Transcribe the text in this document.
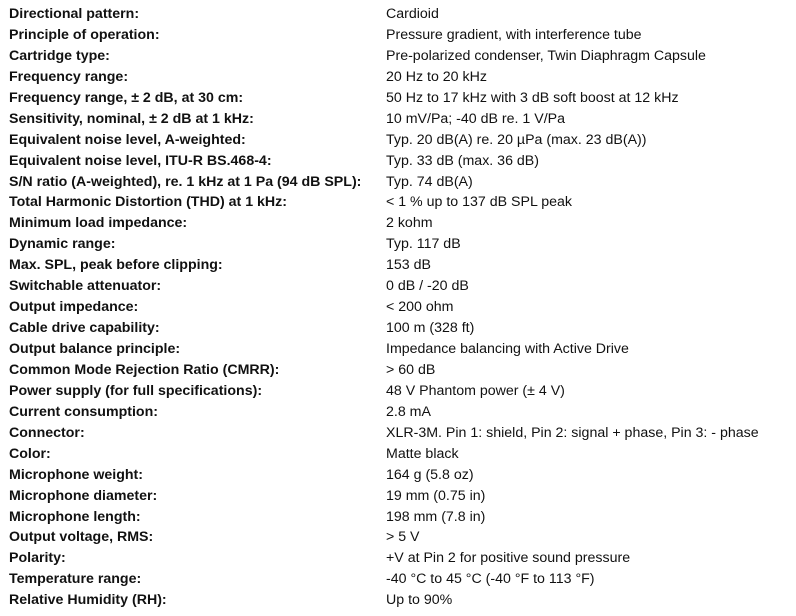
Directional pattern:	Cardioid
Principle of operation:	Pressure gradient, with interference tube
Cartridge type:	Pre-polarized condenser, Twin Diaphragm Capsule
Frequency range:	20 Hz to 20 kHz
Frequency range, ± 2 dB, at 30 cm:	50 Hz to 17 kHz with 3 dB soft boost at 12 kHz
Sensitivity, nominal, ± 2 dB at 1 kHz:	10 mV/Pa; -40 dB re. 1 V/Pa
Equivalent noise level, A-weighted:	Typ. 20 dB(A) re. 20 µPa (max. 23 dB(A))
Equivalent noise level, ITU-R BS.468-4:	Typ. 33 dB (max. 36 dB)
S/N ratio (A-weighted), re. 1 kHz at 1 Pa (94 dB SPL):	Typ. 74 dB(A)
Total Harmonic Distortion (THD) at 1 kHz:	< 1 % up to 137 dB SPL peak
Minimum load impedance:	2 kohm
Dynamic range:	Typ. 117 dB
Max. SPL, peak before clipping:	153 dB
Switchable attenuator:	0 dB / -20 dB
Output impedance:	< 200 ohm
Cable drive capability:	100 m (328 ft)
Output balance principle:	Impedance balancing with Active Drive
Common Mode Rejection Ratio (CMRR):	> 60 dB
Power supply (for full specifications):	48 V Phantom power (± 4 V)
Current consumption:	2.8 mA
Connector:	XLR-3M. Pin 1: shield, Pin 2: signal + phase, Pin 3: - phase
Color:	Matte black
Microphone weight:	164 g (5.8 oz)
Microphone diameter:	19 mm (0.75 in)
Microphone length:	198 mm (7.8 in)
Output voltage, RMS:	> 5 V
Polarity:	+V at Pin 2 for positive sound pressure
Temperature range:	-40 °C to 45 °C (-40 °F to 113 °F)
Relative Humidity (RH):	Up to 90%
